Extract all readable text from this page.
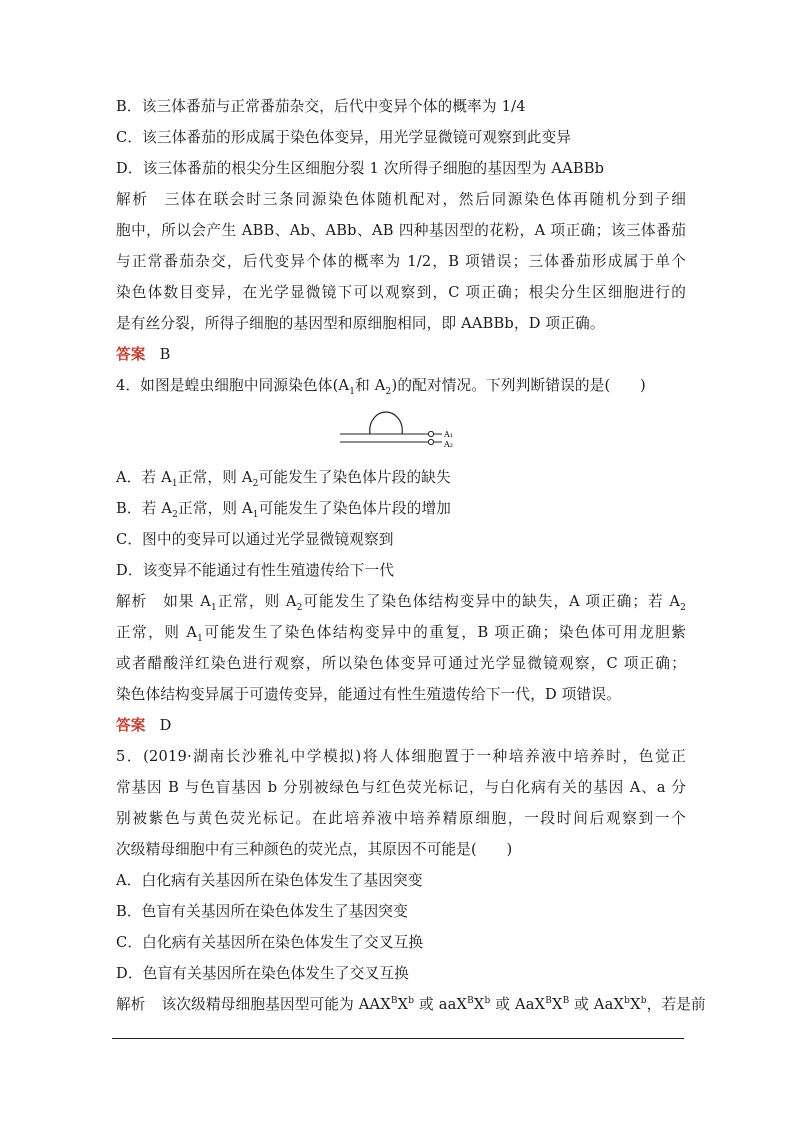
B．该三体番茄与正常番茄杂交，后代中变异个体的概率为 1/4
C．该三体番茄的形成属于染色体变异，用光学显微镜可观察到此变异
D．该三体番茄的根尖分生区细胞分裂 1 次所得子细胞的基因型为 AABBb
解析 三体在联会时三条同源染色体随机配对，然后同源染色体再随机分到子细
胞中，所以会产生 ABB、Ab、ABb、AB 四种基因型的花粉，A 项正确；该三体番茄
与正常番茄杂交，后代变异个体的概率为 1/2，B 项错误；三体番茄形成属于单个
染色体数目变异，在光学显微镜下可以观察到，C 项正确；根尖分生区细胞进行的
是有丝分裂，所得子细胞的基因型和原细胞相同，即 AABBb，D 项正确。
答案 B
4．如图是蝗虫细胞中同源染色体($A_1$和 $A_2$)的配对情况。下列判断错误的是(　　)
A₁
A₂
A．若 $A_1$正常，则 $A_2$可能发生了染色体片段的缺失
B．若 $A_2$正常，则 $A_1$可能发生了染色体片段的增加
C．图中的变异可以通过光学显微镜观察到
D．该变异不能通过有性生殖遗传给下一代
解析 如果 $A_1$正常，则 $A_2$可能发生了染色体结构变异中的缺失，A 项正确；若 $A_2$
正常，则 $A_1$可能发生了染色体结构变异中的重复，B 项正确；染色体可用龙胆紫
或者醋酸洋红染色进行观察，所以染色体变异可通过光学显微镜观察，C 项正确；
染色体结构变异属于可遗传变异，能通过有性生殖遗传给下一代，D 项错误。
答案 D
5．(2019·湖南长沙雅礼中学模拟)将人体细胞置于一种培养液中培养时，色觉正
常基因 B 与色盲基因 b 分别被绿色与红色荧光标记，与白化病有关的基因 A、a 分
别被紫色与黄色荧光标记。在此培养液中培养精原细胞，一段时间后观察到一个
次级精母细胞中有三种颜色的荧光点，其原因不可能是(　　)
A．白化病有关基因所在染色体发生了基因突变
B．色盲有关基因所在染色体发生了基因突变
C．白化病有关基因所在染色体发生了交叉互换
D．色盲有关基因所在染色体发生了交叉互换
解析 该次级精母细胞基因型可能为 $AAX^BX^b$ 或 $aaX^BX^b$ 或 $AaX^BX^B$ 或 $AaX^bX^b$，若是前
